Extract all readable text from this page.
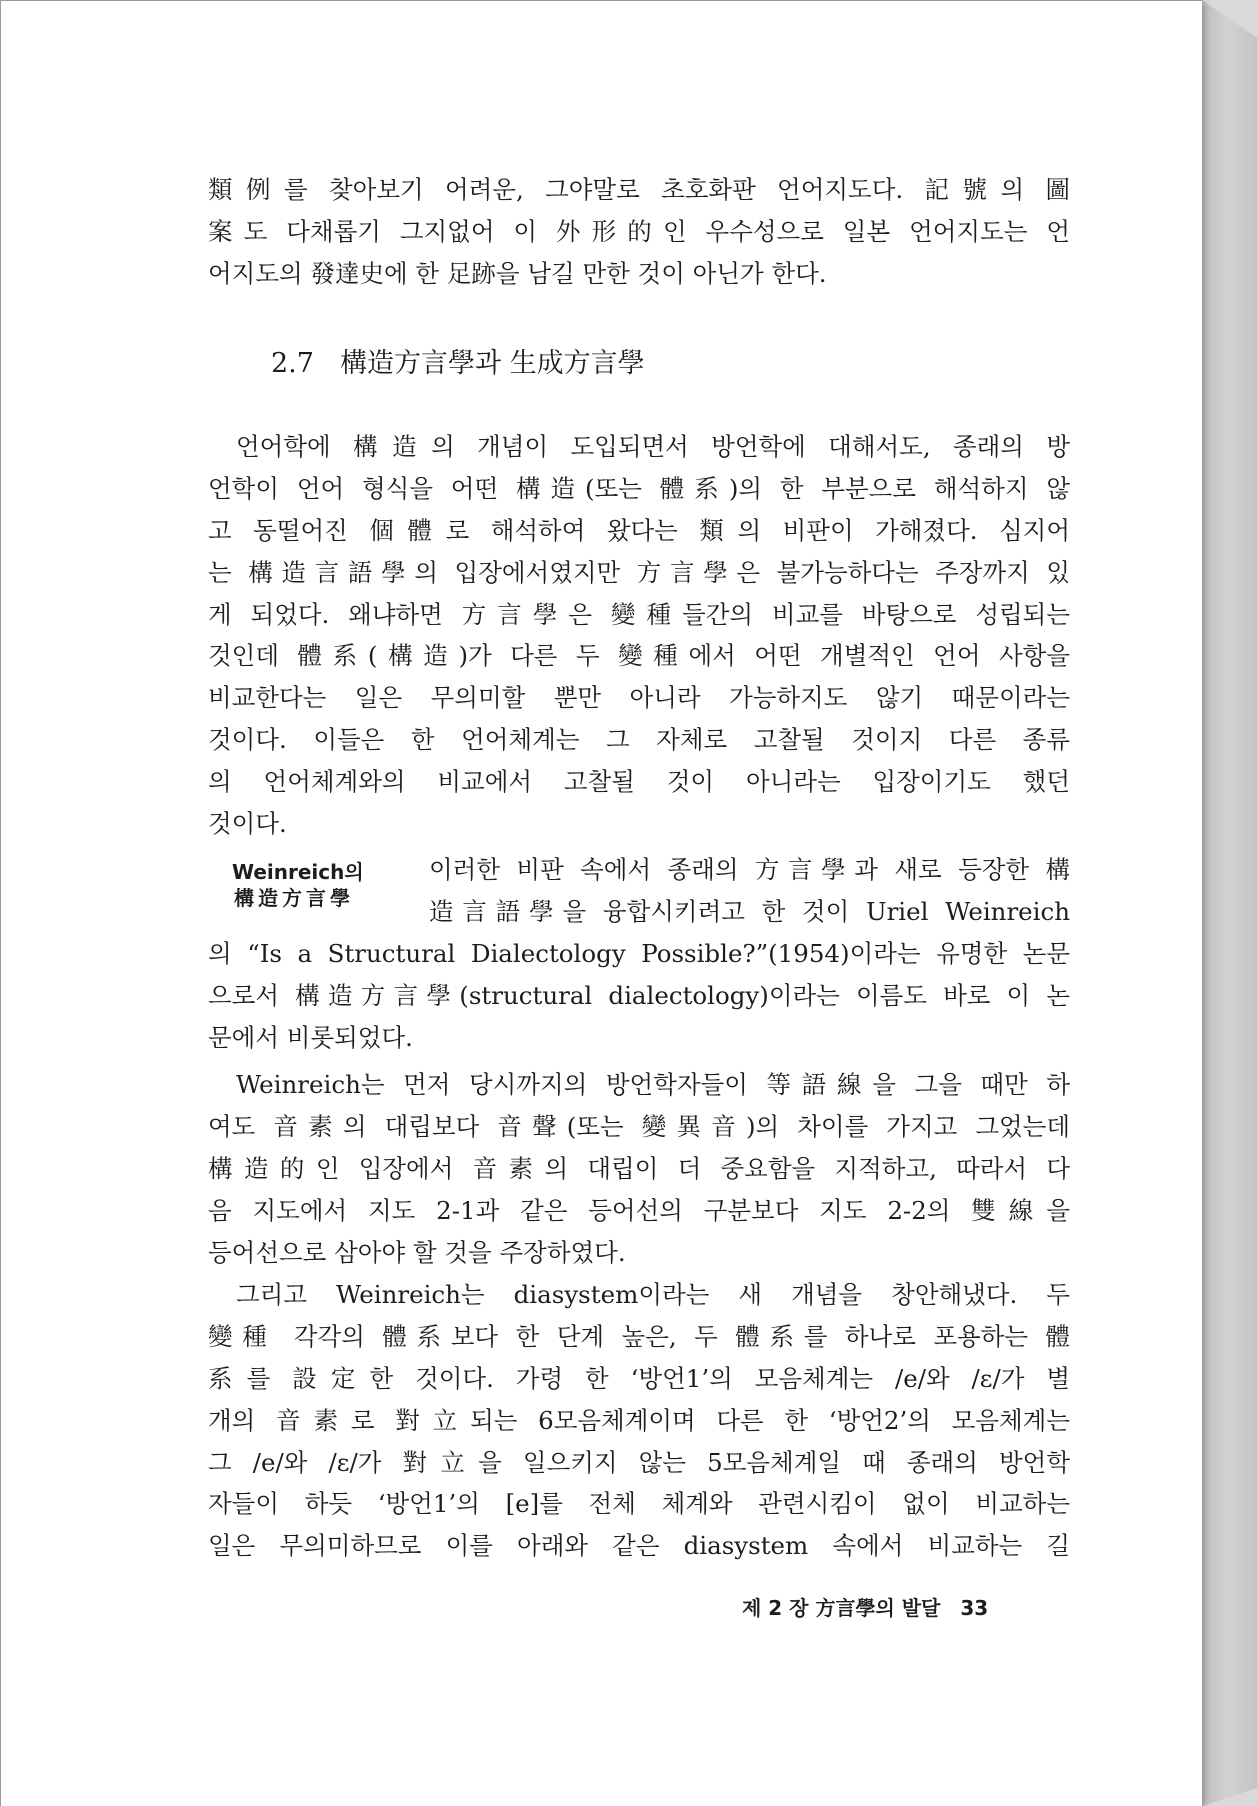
類例를 찾아보기 어려운, 그야말로 초호화판 언어지도다. 記號의 圖
案도 다채롭기 그지없어 이 外形的인 우수성으로 일본 언어지도는 언
어지도의 發達史에 한 足跡을 남길 만한 것이 아닌가 한다.
2.7 構造方言學과 生成方言學
언어학에 構造의 개념이 도입되면서 방언학에 대해서도, 종래의 방
언학이 언어 형식을 어떤 構造(또는 體系)의 한 부분으로 해석하지 않
고 동떨어진 個體로 해석하여 왔다는 類의 비판이 가해졌다. 심지어
는 構造言語學의 입장에서였지만 方言學은 불가능하다는 주장까지 있
게 되었다. 왜냐하면 方言學은 變種들간의 비교를 바탕으로 성립되는
것인데 體系(構造)가 다른 두 變種에서 어떤 개별적인 언어 사항을
비교한다는 일은 무의미할 뿐만 아니라 가능하지도 않기 때문이라는
것이다. 이들은 한 언어체계는 그 자체로 고찰될 것이지 다른 종류
의 언어체계와의 비교에서 고찰될 것이 아니라는 입장이기도 했던
것이다.
Weinreich의
構造方言學
이러한 비판 속에서 종래의 方言學과 새로 등장한 構
造言語學을 융합시키려고 한 것이 Uriel Weinreich
의 “Is a Structural Dialectology Possible?”(1954)이라는 유명한 논문
으로서 構造方言學(structural dialectology)이라는 이름도 바로 이 논
문에서 비롯되었다.
Weinreich는 먼저 당시까지의 방언학자들이 等語線을 그을 때만 하
여도 音素의 대립보다 音聲(또는 變異音)의 차이를 가지고 그었는데
構造的인 입장에서 音素의 대립이 더 중요함을 지적하고, 따라서 다
음 지도에서 지도 2-1과 같은 등어선의 구분보다 지도 2-2의 雙線을
등어선으로 삼아야 할 것을 주장하였다.
그리고 Weinreich는 diasystem이라는 새 개념을 창안해냈다. 두
變種 각각의 體系보다 한 단계 높은, 두 體系를 하나로 포용하는 體
系를 設定한 것이다. 가령 한 ‘방언1’의 모음체계는 /e/와 /ɛ/가 별
개의 音素로 對立되는 6모음체계이며 다른 한 ‘방언2’의 모음체계는
그 /e/와 /ɛ/가 對立을 일으키지 않는 5모음체계일 때 종래의 방언학
자들이 하듯 ‘방언1’의 [e]를 전체 체계와 관련시킴이 없이 비교하는
일은 무의미하므로 이를 아래와 같은 diasystem 속에서 비교하는 길
제 2 장 方言學의 발달 33
